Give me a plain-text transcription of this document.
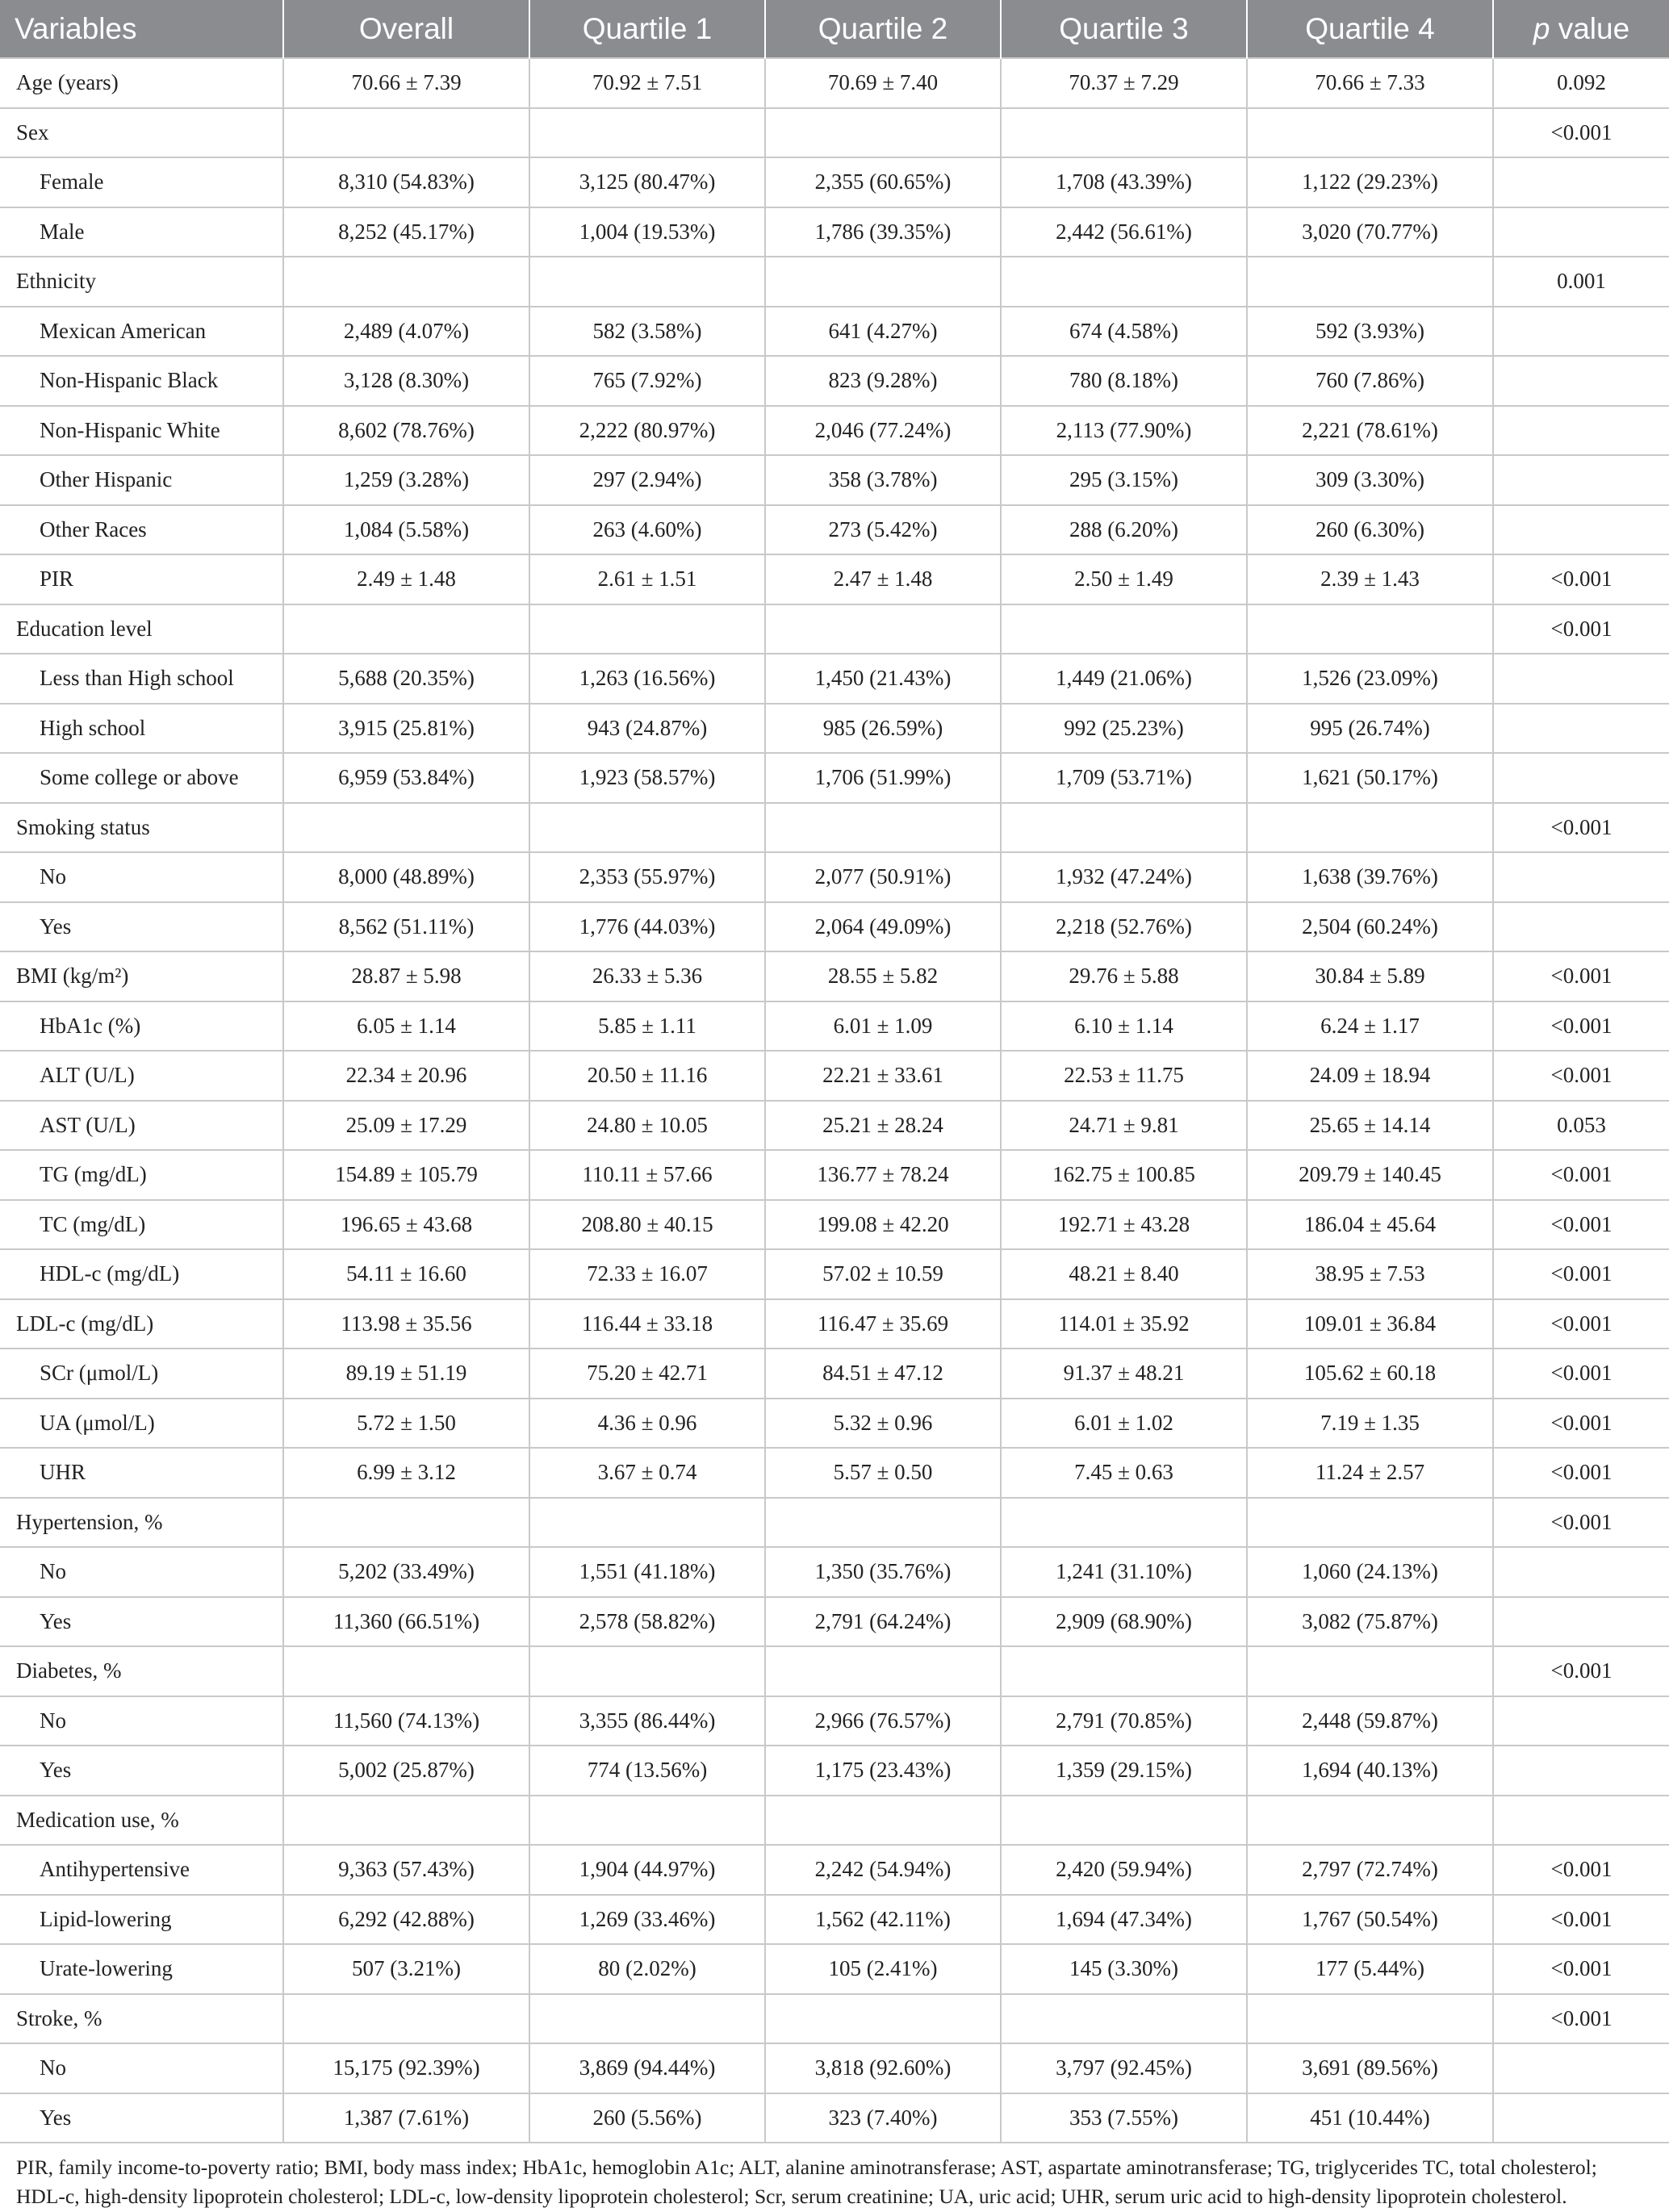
Variables	Overall	Quartile 1	Quartile 2	Quartile 3	Quartile 4	p value
Age (years)	70.66 ± 7.39	70.92 ± 7.51	70.69 ± 7.40	70.37 ± 7.29	70.66 ± 7.33	0.092
Sex						<0.001
Female	8,310 (54.83%)	3,125 (80.47%)	2,355 (60.65%)	1,708 (43.39%)	1,122 (29.23%)	
Male	8,252 (45.17%)	1,004 (19.53%)	1,786 (39.35%)	2,442 (56.61%)	3,020 (70.77%)	
Ethnicity						0.001
Mexican American	2,489 (4.07%)	582 (3.58%)	641 (4.27%)	674 (4.58%)	592 (3.93%)	
Non-Hispanic Black	3,128 (8.30%)	765 (7.92%)	823 (9.28%)	780 (8.18%)	760 (7.86%)	
Non-Hispanic White	8,602 (78.76%)	2,222 (80.97%)	2,046 (77.24%)	2,113 (77.90%)	2,221 (78.61%)	
Other Hispanic	1,259 (3.28%)	297 (2.94%)	358 (3.78%)	295 (3.15%)	309 (3.30%)	
Other Races	1,084 (5.58%)	263 (4.60%)	273 (5.42%)	288 (6.20%)	260 (6.30%)	
PIR	2.49 ± 1.48	2.61 ± 1.51	2.47 ± 1.48	2.50 ± 1.49	2.39 ± 1.43	<0.001
Education level						<0.001
Less than High school	5,688 (20.35%)	1,263 (16.56%)	1,450 (21.43%)	1,449 (21.06%)	1,526 (23.09%)	
High school	3,915 (25.81%)	943 (24.87%)	985 (26.59%)	992 (25.23%)	995 (26.74%)	
Some college or above	6,959 (53.84%)	1,923 (58.57%)	1,706 (51.99%)	1,709 (53.71%)	1,621 (50.17%)	
Smoking status						<0.001
No	8,000 (48.89%)	2,353 (55.97%)	2,077 (50.91%)	1,932 (47.24%)	1,638 (39.76%)	
Yes	8,562 (51.11%)	1,776 (44.03%)	2,064 (49.09%)	2,218 (52.76%)	2,504 (60.24%)	
BMI (kg/m²)	28.87 ± 5.98	26.33 ± 5.36	28.55 ± 5.82	29.76 ± 5.88	30.84 ± 5.89	<0.001
HbA1c (%)	6.05 ± 1.14	5.85 ± 1.11	6.01 ± 1.09	6.10 ± 1.14	6.24 ± 1.17	<0.001
ALT (U/L)	22.34 ± 20.96	20.50 ± 11.16	22.21 ± 33.61	22.53 ± 11.75	24.09 ± 18.94	<0.001
AST (U/L)	25.09 ± 17.29	24.80 ± 10.05	25.21 ± 28.24	24.71 ± 9.81	25.65 ± 14.14	0.053
TG (mg/dL)	154.89 ± 105.79	110.11 ± 57.66	136.77 ± 78.24	162.75 ± 100.85	209.79 ± 140.45	<0.001
TC (mg/dL)	196.65 ± 43.68	208.80 ± 40.15	199.08 ± 42.20	192.71 ± 43.28	186.04 ± 45.64	<0.001
HDL-c (mg/dL)	54.11 ± 16.60	72.33 ± 16.07	57.02 ± 10.59	48.21 ± 8.40	38.95 ± 7.53	<0.001
LDL-c (mg/dL)	113.98 ± 35.56	116.44 ± 33.18	116.47 ± 35.69	114.01 ± 35.92	109.01 ± 36.84	<0.001
SCr (μmol/L)	89.19 ± 51.19	75.20 ± 42.71	84.51 ± 47.12	91.37 ± 48.21	105.62 ± 60.18	<0.001
UA (μmol/L)	5.72 ± 1.50	4.36 ± 0.96	5.32 ± 0.96	6.01 ± 1.02	7.19 ± 1.35	<0.001
UHR	6.99 ± 3.12	3.67 ± 0.74	5.57 ± 0.50	7.45 ± 0.63	11.24 ± 2.57	<0.001
Hypertension, %						<0.001
No	5,202 (33.49%)	1,551 (41.18%)	1,350 (35.76%)	1,241 (31.10%)	1,060 (24.13%)	
Yes	11,360 (66.51%)	2,578 (58.82%)	2,791 (64.24%)	2,909 (68.90%)	3,082 (75.87%)	
Diabetes, %						<0.001
No	11,560 (74.13%)	3,355 (86.44%)	2,966 (76.57%)	2,791 (70.85%)	2,448 (59.87%)	
Yes	5,002 (25.87%)	774 (13.56%)	1,175 (23.43%)	1,359 (29.15%)	1,694 (40.13%)	
Medication use, %						
Antihypertensive	9,363 (57.43%)	1,904 (44.97%)	2,242 (54.94%)	2,420 (59.94%)	2,797 (72.74%)	<0.001
Lipid-lowering	6,292 (42.88%)	1,269 (33.46%)	1,562 (42.11%)	1,694 (47.34%)	1,767 (50.54%)	<0.001
Urate-lowering	507 (3.21%)	80 (2.02%)	105 (2.41%)	145 (3.30%)	177 (5.44%)	<0.001
Stroke, %						<0.001
No	15,175 (92.39%)	3,869 (94.44%)	3,818 (92.60%)	3,797 (92.45%)	3,691 (89.56%)	
Yes	1,387 (7.61%)	260 (5.56%)	323 (7.40%)	353 (7.55%)	451 (10.44%)	
PIR, family income-to-poverty ratio; BMI, body mass index; HbA1c, hemoglobin A1c; ALT, alanine aminotransferase; AST, aspartate aminotransferase; TG, triglycerides TC, total cholesterol;
HDL-c, high-density lipoprotein cholesterol; LDL-c, low-density lipoprotein cholesterol; Scr, serum creatinine; UA, uric acid; UHR, serum uric acid to high-density lipoprotein cholesterol.
